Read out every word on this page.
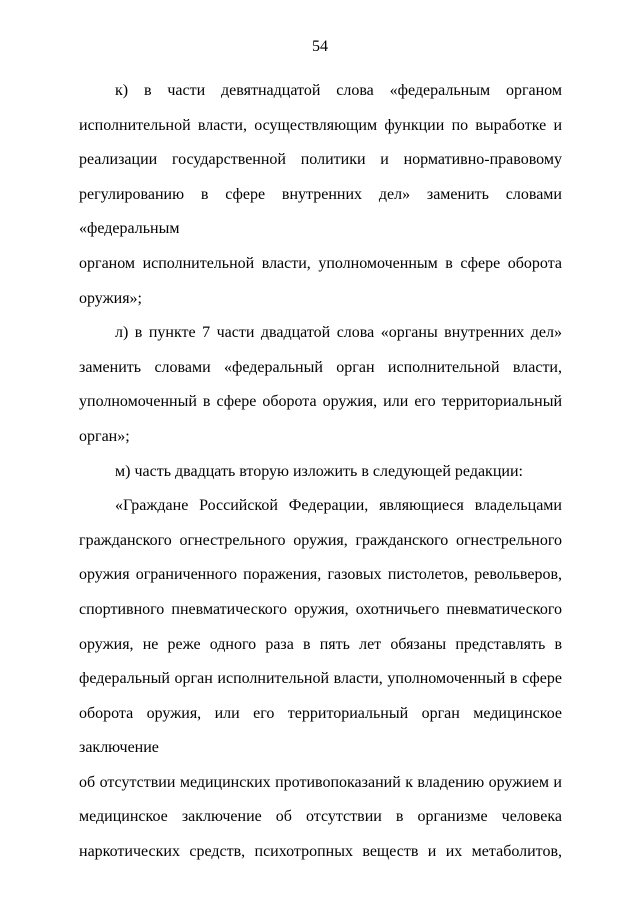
54

к) в части девятнадцатой слова «федеральным органом
исполнительной власти, осуществляющим функции по выработке и
реализации государственной политики и нормативно-правовому
регулированию в сфере внутренних дел» заменить словами «федеральным
органом исполнительной власти, уполномоченным в сфере оборота
оружия»;

л) в пункте 7 части двадцатой слова «органы внутренних дел»
заменить словами «федеральный орган исполнительной власти,
уполномоченный в сфере оборота оружия, или его территориальный
орган»;

м) часть двадцать вторую изложить в следующей редакции:

«Граждане Российской Федерации, являющиеся владельцами
гражданского огнестрельного оружия, гражданского огнестрельного
оружия ограниченного поражения, газовых пистолетов, револьверов,
спортивного пневматического оружия, охотничьего пневматического
оружия, не реже одного раза в пять лет обязаны представлять в
федеральный орган исполнительной власти, уполномоченный в сфере
оборота оружия, или его территориальный орган медицинское заключение
об отсутствии медицинских противопоказаний к владению оружием и
медицинское заключение об отсутствии в организме человека
наркотических средств, психотропных веществ и их метаболитов,
